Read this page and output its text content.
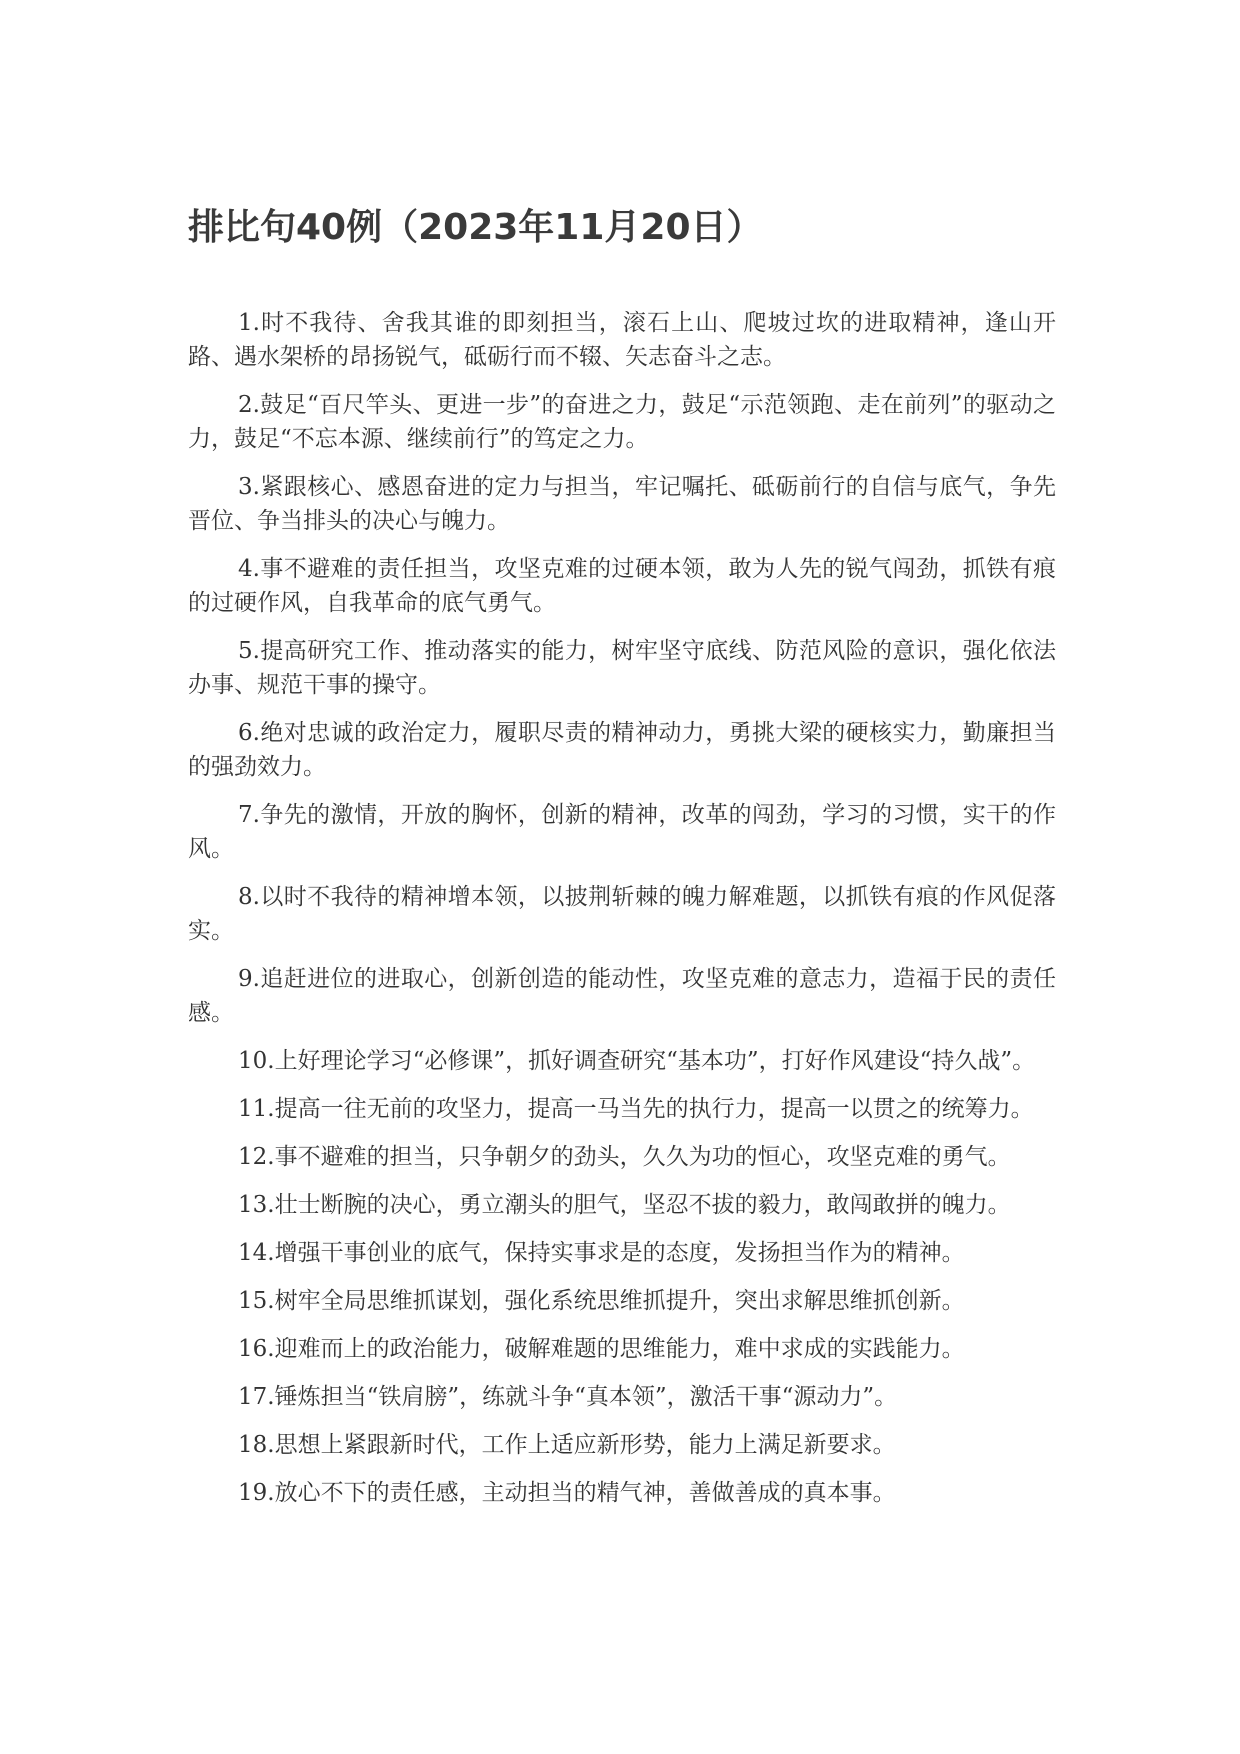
排比句40例（2023年11月20日）

1.时不我待、舍我其谁的即刻担当，滚石上山、爬坡过坎的进取精神，逢山开路、遇水架桥的昂扬锐气，砥砺行而不辍、矢志奋斗之志。

2.鼓足“百尺竿头、更进一步”的奋进之力，鼓足“示范领跑、走在前列”的驱动之力，鼓足“不忘本源、继续前行”的笃定之力。

3.紧跟核心、感恩奋进的定力与担当，牢记嘱托、砥砺前行的自信与底气，争先晋位、争当排头的决心与魄力。

4.事不避难的责任担当，攻坚克难的过硬本领，敢为人先的锐气闯劲，抓铁有痕的过硬作风，自我革命的底气勇气。

5.提高研究工作、推动落实的能力，树牢坚守底线、防范风险的意识，强化依法办事、规范干事的操守。

6.绝对忠诚的政治定力，履职尽责的精神动力，勇挑大梁的硬核实力，勤廉担当的强劲效力。

7.争先的激情，开放的胸怀，创新的精神，改革的闯劲，学习的习惯，实干的作风。

8.以时不我待的精神增本领，以披荆斩棘的魄力解难题，以抓铁有痕的作风促落实。

9.追赶进位的进取心，创新创造的能动性，攻坚克难的意志力，造福于民的责任感。

10.上好理论学习“必修课”，抓好调查研究“基本功”，打好作风建设“持久战”。

11.提高一往无前的攻坚力，提高一马当先的执行力，提高一以贯之的统筹力。

12.事不避难的担当，只争朝夕的劲头，久久为功的恒心，攻坚克难的勇气。

13.壮士断腕的决心，勇立潮头的胆气，坚忍不拔的毅力，敢闯敢拼的魄力。

14.增强干事创业的底气，保持实事求是的态度，发扬担当作为的精神。

15.树牢全局思维抓谋划，强化系统思维抓提升，突出求解思维抓创新。

16.迎难而上的政治能力，破解难题的思维能力，难中求成的实践能力。

17.锤炼担当“铁肩膀”，练就斗争“真本领”，激活干事“源动力”。

18.思想上紧跟新时代，工作上适应新形势，能力上满足新要求。

19.放心不下的责任感，主动担当的精气神，善做善成的真本事。
